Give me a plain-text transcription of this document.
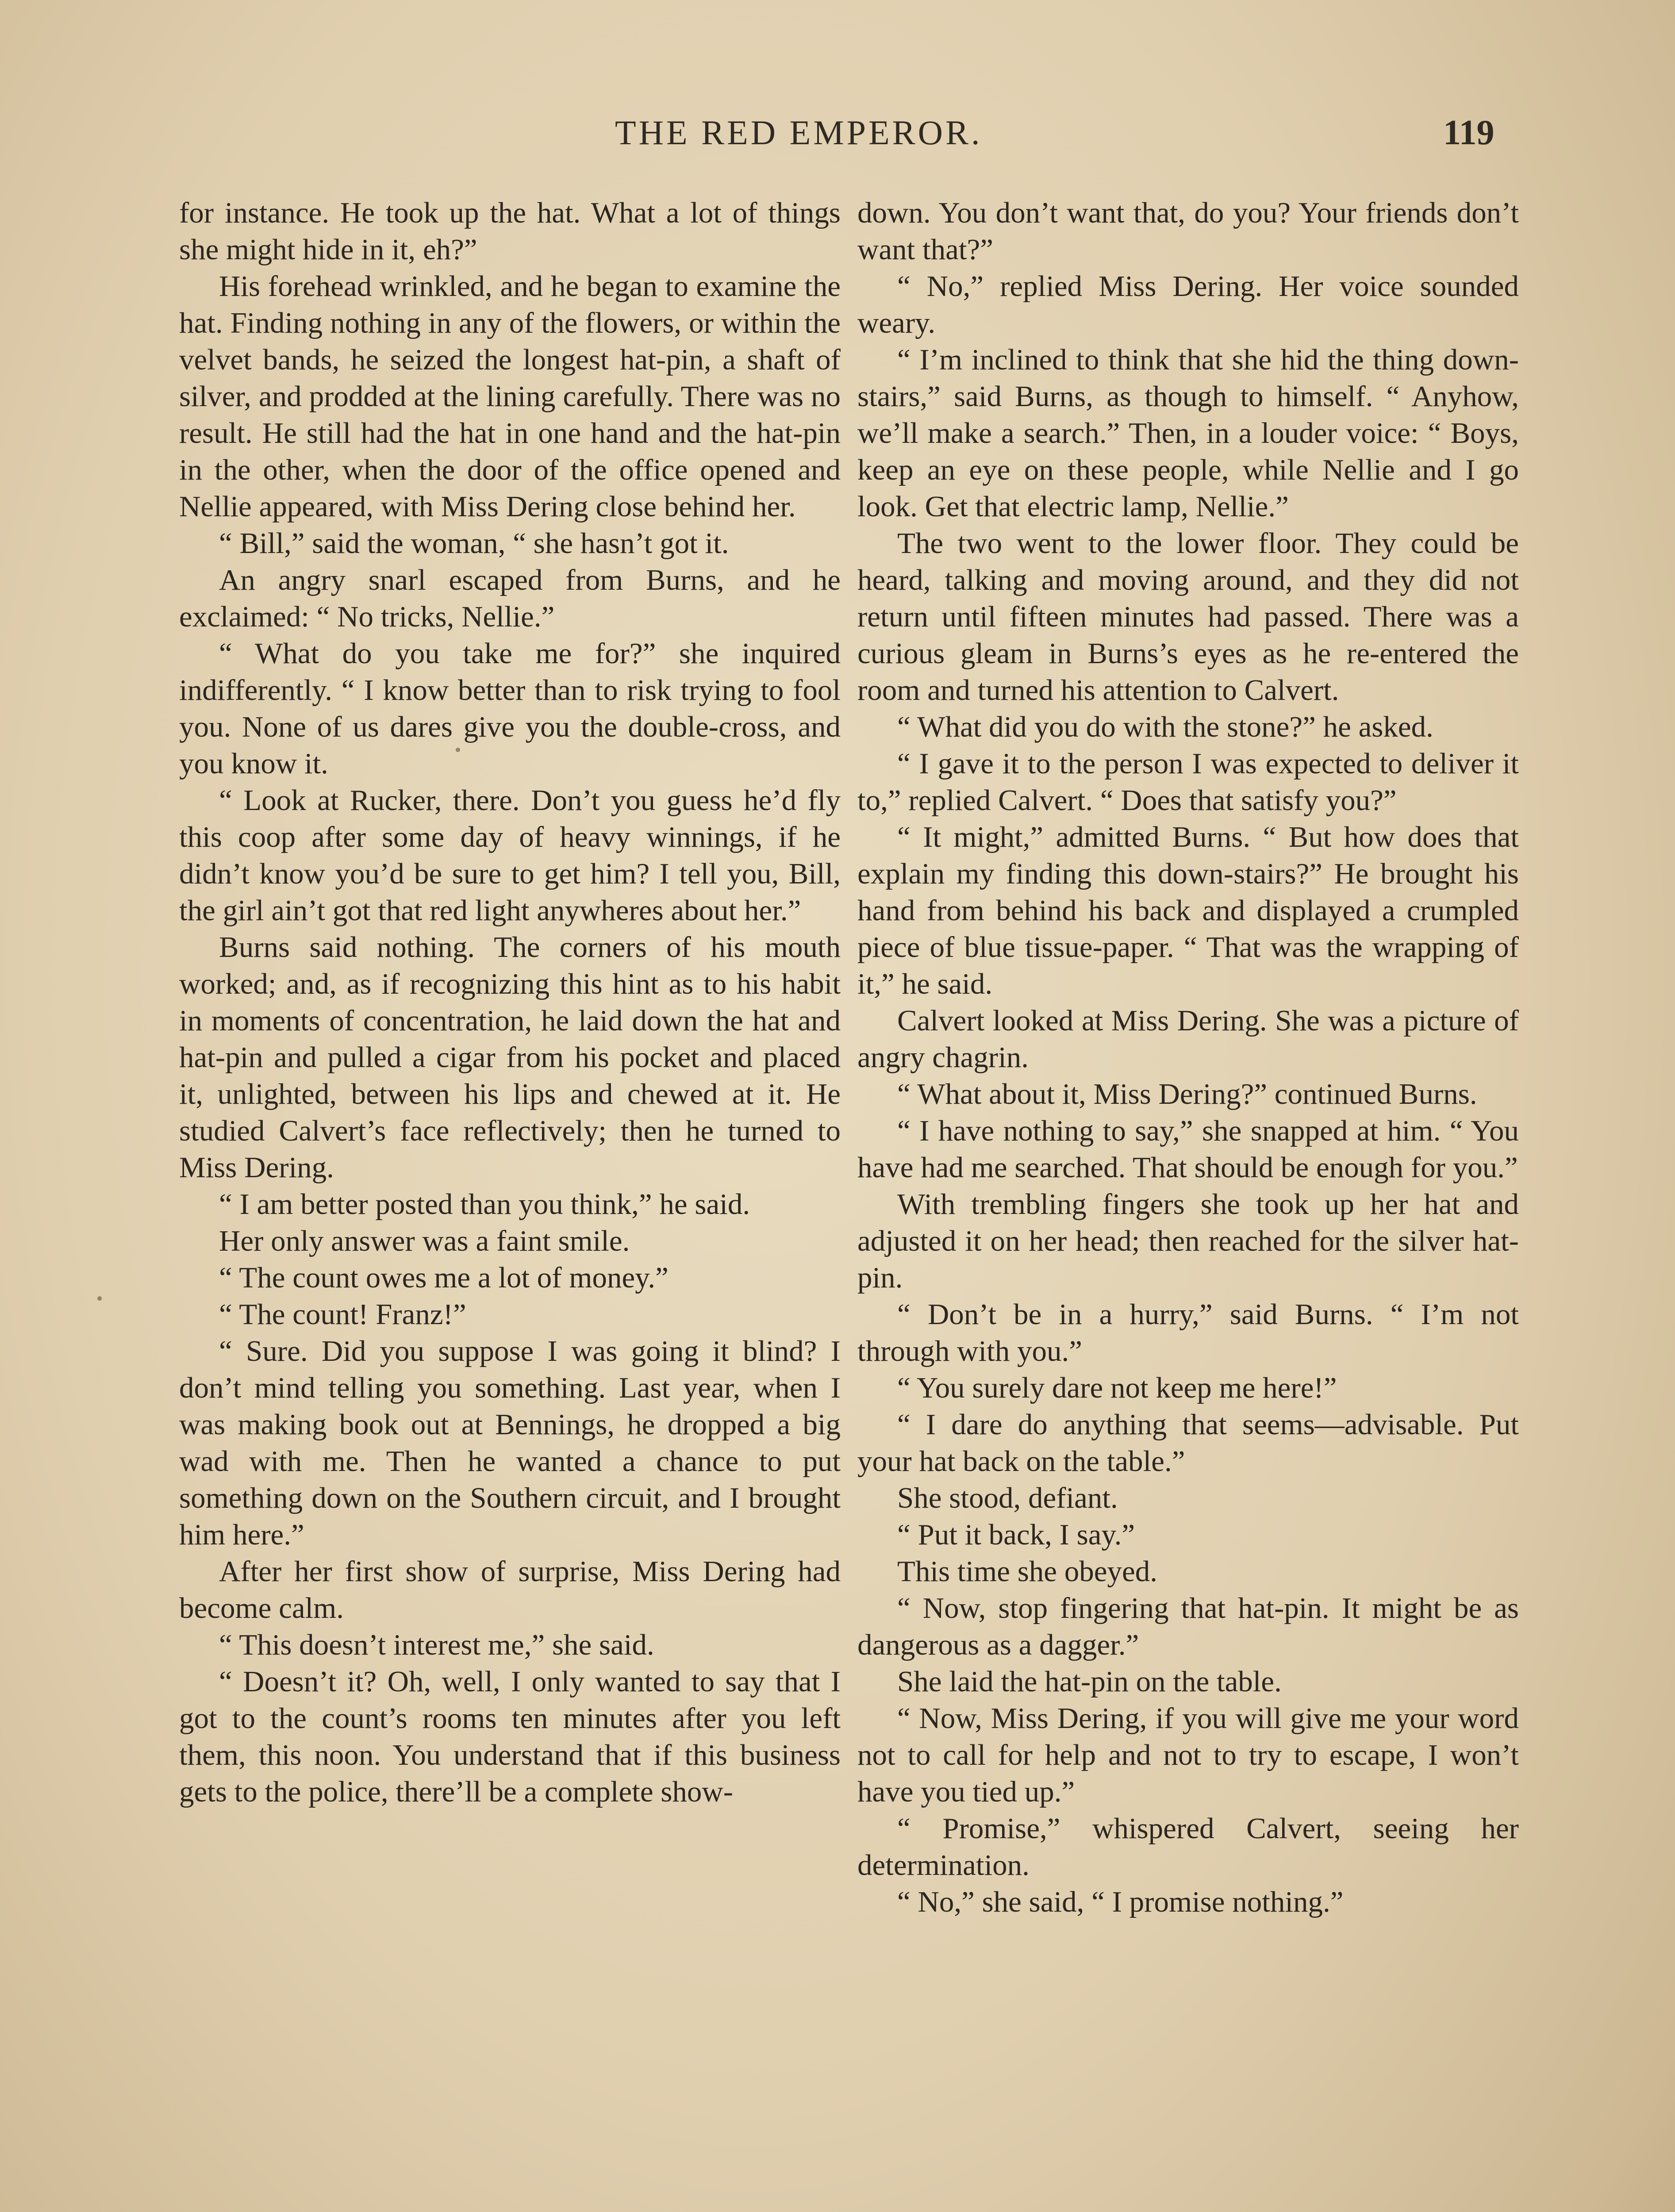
THE RED EMPEROR.	119

for instance. He took up the hat. What a lot of things she might hide in it, eh?”

His forehead wrinkled, and he began to examine the hat. Finding nothing in any of the flowers, or within the velvet bands, he seized the longest hat-pin, a shaft of silver, and prodded at the lining carefully. There was no result. He still had the hat in one hand and the hat-pin in the other, when the door of the office opened and Nellie appeared, with Miss Dering close behind her.

“ Bill,” said the woman, “ she hasn’t got it.

An angry snarl escaped from Burns, and he exclaimed: “ No tricks, Nellie.”

“ What do you take me for?” she inquired indifferently. “ I know better than to risk trying to fool you. None of us dares give you the double-cross, and you know it.

“ Look at Rucker, there. Don’t you guess he’d fly this coop after some day of heavy winnings, if he didn’t know you’d be sure to get him? I tell you, Bill, the girl ain’t got that red light anywheres about her.”

Burns said nothing. The corners of his mouth worked; and, as if recognizing this hint as to his habit in moments of concentration, he laid down the hat and hat-pin and pulled a cigar from his pocket and placed it, unlighted, between his lips and chewed at it. He studied Calvert’s face reflectively; then he turned to Miss Dering.

“ I am better posted than you think,” he said.

Her only answer was a faint smile.

“ The count owes me a lot of money.”

“ The count! Franz!”

“ Sure. Did you suppose I was going it blind? I don’t mind telling you something. Last year, when I was making book out at Bennings, he dropped a big wad with me. Then he wanted a chance to put something down on the Southern circuit, and I brought him here.”

After her first show of surprise, Miss Dering had become calm.

“ This doesn’t interest me,” she said.

“ Doesn’t it? Oh, well, I only wanted to say that I got to the count’s rooms ten minutes after you left them, this noon. You understand that if this business gets to the police, there’ll be a complete show-

down. You don’t want that, do you? Your friends don’t want that?”

“ No,” replied Miss Dering. Her voice sounded weary.

“ I’m inclined to think that she hid the thing down-stairs,” said Burns, as though to himself. “ Anyhow, we’ll make a search.” Then, in a louder voice: “ Boys, keep an eye on these people, while Nellie and I go look. Get that electric lamp, Nellie.”

The two went to the lower floor. They could be heard, talking and moving around, and they did not return until fifteen minutes had passed. There was a curious gleam in Burns’s eyes as he re-entered the room and turned his attention to Calvert.

“ What did you do with the stone?” he asked.

“ I gave it to the person I was expected to deliver it to,” replied Calvert. “ Does that satisfy you?”

“ It might,” admitted Burns. “ But how does that explain my finding this down-stairs?” He brought his hand from behind his back and displayed a crumpled piece of blue tissue-paper. “ That was the wrapping of it,” he said.

Calvert looked at Miss Dering. She was a picture of angry chagrin.

“ What about it, Miss Dering?” continued Burns.

“ I have nothing to say,” she snapped at him. “ You have had me searched. That should be enough for you.”

With trembling fingers she took up her hat and adjusted it on her head; then reached for the silver hat-pin.

“ Don’t be in a hurry,” said Burns. “ I’m not through with you.”

“ You surely dare not keep me here!”

“ I dare do anything that seems—advisable. Put your hat back on the table.”

She stood, defiant.

“ Put it back, I say.”

This time she obeyed.

“ Now, stop fingering that hat-pin. It might be as dangerous as a dagger.”

She laid the hat-pin on the table.

“ Now, Miss Dering, if you will give me your word not to call for help and not to try to escape, I won’t have you tied up.”

“ Promise,” whispered Calvert, seeing her determination.

“ No,” she said, “ I promise nothing.”
